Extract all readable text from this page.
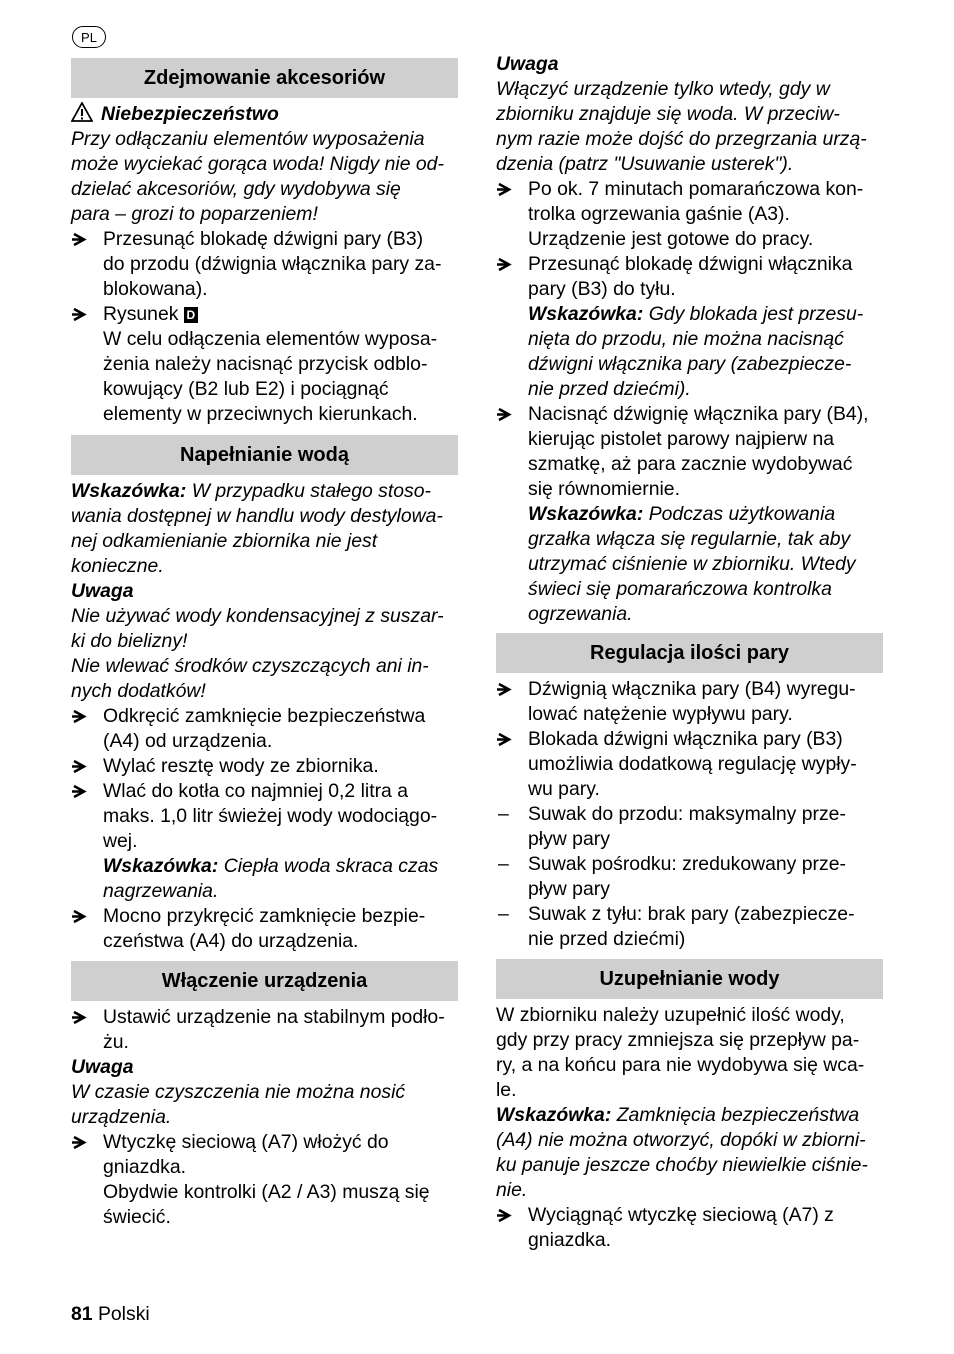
PL
Zdejmowanie akcesoriów

Niebezpieczeństwo

Przy odłączaniu elementów wyposażenia

może wyciekać gorąca woda! Nigdy nie od-

dzielać akcesoriów, gdy wydobywa się

para – grozi to poparzeniem!

Przesunąć blokadę dźwigni pary (B3)

do przodu (dźwignia włącznika pary za-

blokowana).

Rysunek D

W celu odłączenia elementów wyposa-

żenia należy nacisnąć przycisk odblo-

kowujący (B2 lub E2) i pociągnąć

elementy w przeciwnych kierunkach.

Napełnianie wodą

Wskazówka: W przypadku stałego stoso-

wania dostępnej w handlu wody destylowa-

nej odkamienianie zbiornika nie jest

konieczne.

Uwaga

Nie używać wody kondensacyjnej z suszar-

ki do bielizny!

Nie wlewać środków czyszczących ani in-

nych dodatków!

Odkręcić zamknięcie bezpieczeństwa

(A4) od urządzenia.

Wylać resztę wody ze zbiornika.

Wlać do kotła co najmniej 0,2 litra a

maks. 1,0 litr świeżej wody wodociągo-

wej.

Wskazówka: Ciepła woda skraca czas

nagrzewania.

Mocno przykręcić zamknięcie bezpie-

czeństwa (A4) do urządzenia.

Włączenie urządzenia

Ustawić urządzenie na stabilnym podło-

żu.

Uwaga

W czasie czyszczenia nie można nosić

urządzenia.

Wtyczkę sieciową (A7) włożyć do

gniazdka.

Obydwie kontrolki (A2 / A3) muszą się

świecić.

Uwaga

Włączyć urządzenie tylko wtedy, gdy w

zbiorniku znajduje się woda. W przeciw-

nym razie może dojść do przegrzania urzą-

dzenia (patrz "Usuwanie usterek").

Po ok. 7 minutach pomarańczowa kon-

trolka ogrzewania gaśnie (A3).

Urządzenie jest gotowe do pracy.

Przesunąć blokadę dźwigni włącznika

pary (B3) do tyłu.

Wskazówka: Gdy blokada jest przesu-

nięta do przodu, nie można nacisnąć

dźwigni włącznika pary (zabezpiecze-

nie przed dziećmi).

Nacisnąć dźwignię włącznika pary (B4),

kierując pistolet parowy najpierw na

szmatkę, aż para zacznie wydobywać

się równomiernie.

Wskazówka: Podczas użytkowania

grzałka włącza się regularnie, tak aby

utrzymać ciśnienie w zbiorniku. Wtedy

świeci się pomarańczowa kontrolka

ogrzewania.

Regulacja ilości pary

Dźwignią włącznika pary (B4) wyregu-

lować natężenie wypływu pary.

Blokada dźwigni włącznika pary (B3)

umożliwia dodatkową regulację wypły-

wu pary.

– Suwak do przodu: maksymalny prze-

pływ pary

– Suwak pośrodku: zredukowany prze-

pływ pary

– Suwak z tyłu: brak pary (zabezpiecze-

nie przed dziećmi)

Uzupełnianie wody

W zbiorniku należy uzupełnić ilość wody,

gdy przy pracy zmniejsza się przepływ pa-

ry, a na końcu para nie wydobywa się wca-

le.

Wskazówka: Zamknięcia bezpieczeństwa

(A4) nie można otworzyć, dopóki w zbiorni-

ku panuje jeszcze choćby niewielkie ciśnie-

nie.

Wyciągnąć wtyczkę sieciową (A7) z

gniazdka.

81 Polski
